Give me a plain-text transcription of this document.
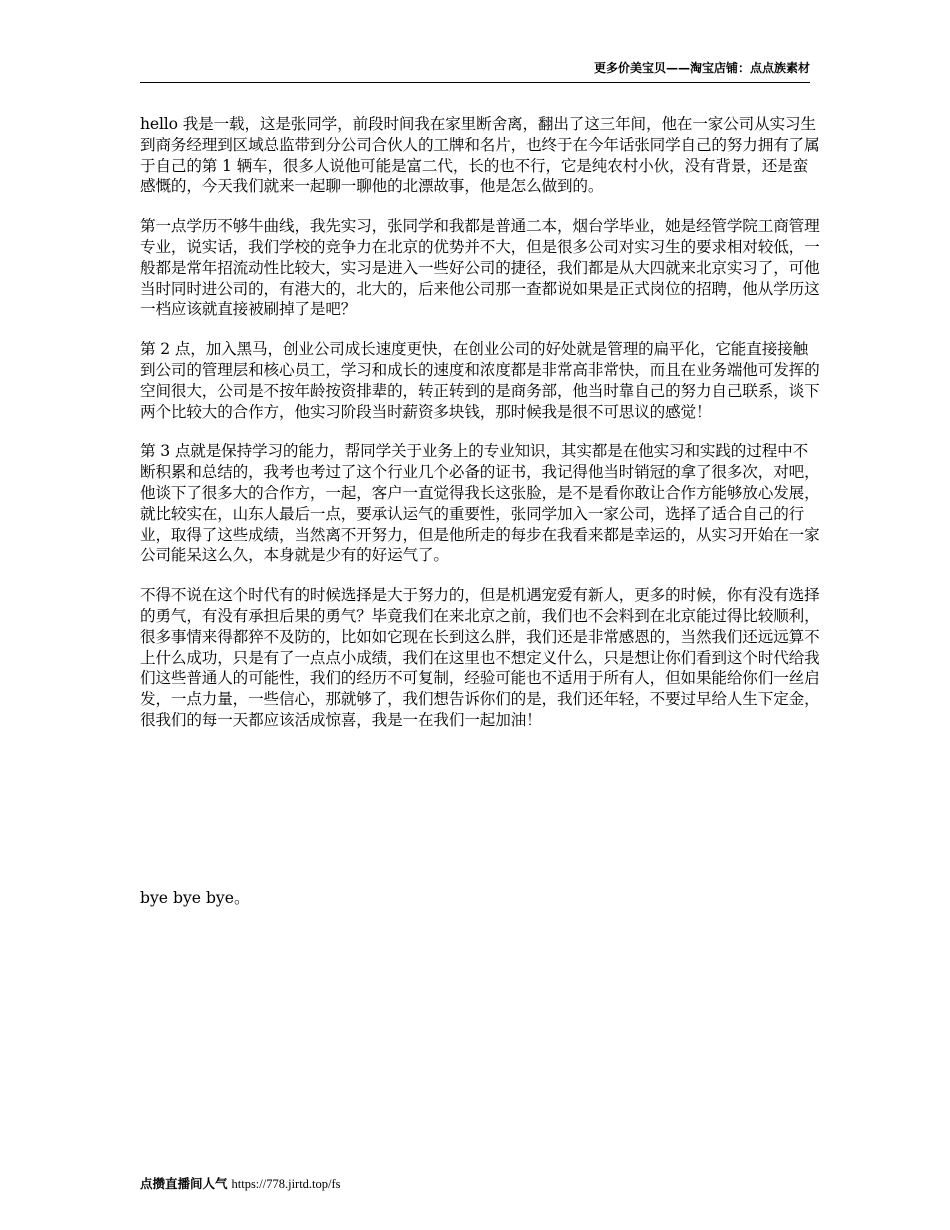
更多价美宝贝——淘宝店铺：点点族素材

hello 我是一载，这是张同学，前段时间我在家里断舍离，翻出了这三年间，他在一家公司从实习生到商务经理到区域总监带到分公司合伙人的工牌和名片，也终于在今年话张同学自己的努力拥有了属于自己的第 1 辆车，很多人说他可能是富二代，长的也不行，它是纯农村小伙，没有背景，还是蛮感慨的，今天我们就来一起聊一聊他的北漂故事，他是怎么做到的。

第一点学历不够牛曲线，我先实习，张同学和我都是普通二本，烟台学毕业，她是经管学院工商管理专业，说实话，我们学校的竞争力在北京的优势并不大，但是很多公司对实习生的要求相对较低，一般都是常年招流动性比较大，实习是进入一些好公司的捷径，我们都是从大四就来北京实习了，可他当时同时进公司的，有港大的，北大的，后来他公司那一查都说如果是正式岗位的招聘，他从学历这一档应该就直接被刷掉了是吧？

第 2 点，加入黑马，创业公司成长速度更快，在创业公司的好处就是管理的扁平化，它能直接接触到公司的管理层和核心员工，学习和成长的速度和浓度都是非常高非常快，而且在业务端他可发挥的空间很大，公司是不按年龄按资排辈的，转正转到的是商务部，他当时靠自己的努力自己联系，谈下两个比较大的合作方，他实习阶段当时薪资多块钱，那时候我是很不可思议的感觉！

第 3 点就是保持学习的能力，帮同学关于业务上的专业知识，其实都是在他实习和实践的过程中不断积累和总结的，我考也考过了这个行业几个必备的证书，我记得他当时销冠的拿了很多次，对吧，他谈下了很多大的合作方，一起，客户一直觉得我长这张脸，是不是看你敢让合作方能够放心发展，就比较实在，山东人最后一点，要承认运气的重要性，张同学加入一家公司，选择了适合自己的行业，取得了这些成绩，当然离不开努力，但是他所走的每步在我看来都是幸运的，从实习开始在一家公司能呆这么久，本身就是少有的好运气了。

不得不说在这个时代有的时候选择是大于努力的，但是机遇宠爱有新人，更多的时候，你有没有选择的勇气，有没有承担后果的勇气？毕竟我们在来北京之前，我们也不会料到在北京能过得比较顺利，很多事情来得都猝不及防的，比如如它现在长到这么胖，我们还是非常感恩的，当然我们还远远算不上什么成功，只是有了一点点小成绩，我们在这里也不想定义什么，只是想让你们看到这个时代给我们这些普通人的可能性，我们的经历不可复制，经验可能也不适用于所有人，但如果能给你们一丝启发，一点力量，一些信心，那就够了，我们想告诉你们的是，我们还年轻，不要过早给人生下定金，很我们的每一天都应该活成惊喜，我是一在我们一起加油！

bye bye bye。
点攒直播间人气 https://778.jirtd.top/fs
